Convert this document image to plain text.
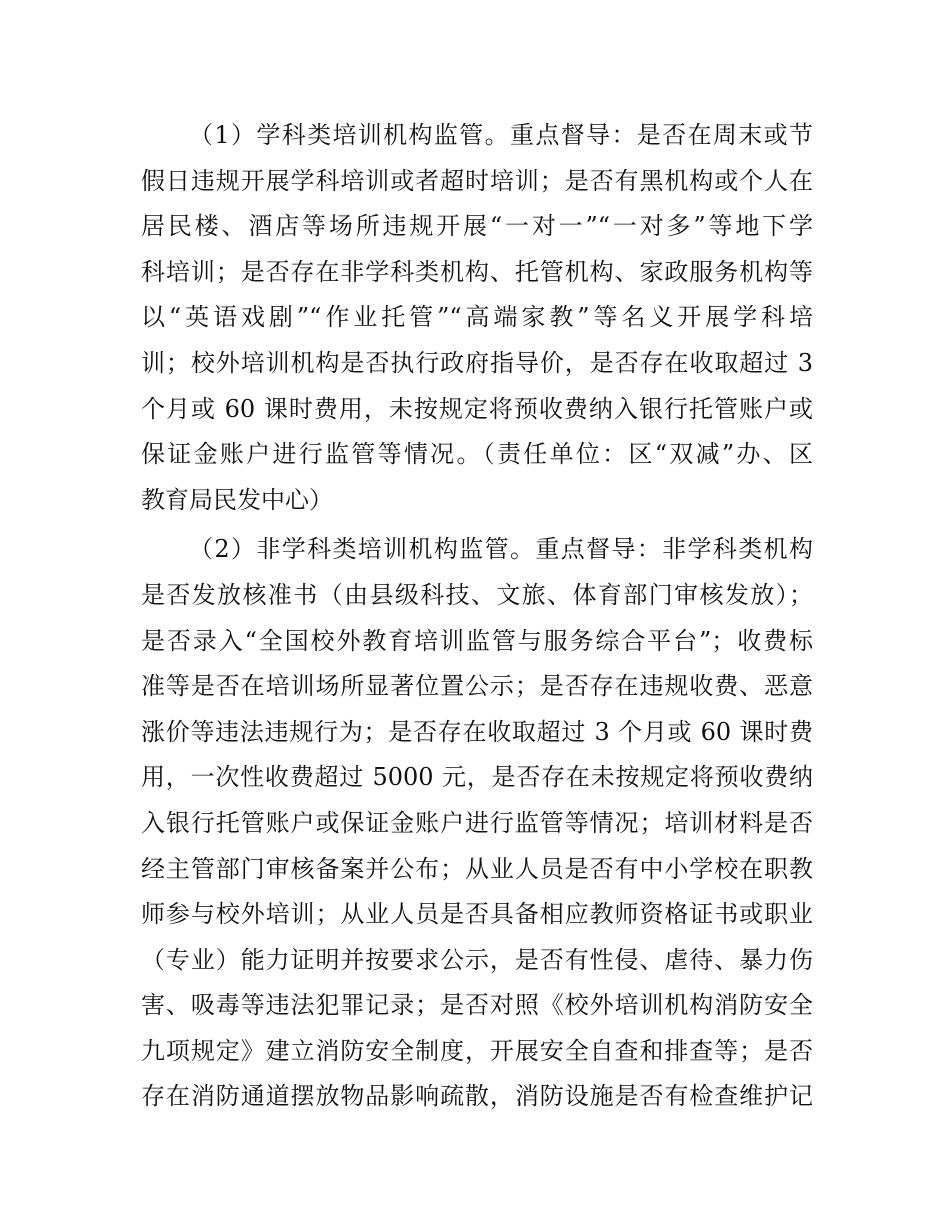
（1）学科类培训机构监管。重点督导：是否在周末或节
假日违规开展学科培训或者超时培训；是否有黑机构或个人在
居民楼、酒店等场所违规开展“一对一”“一对多”等地下学
科培训；是否存在非学科类机构、托管机构、家政服务机构等
以“英语戏剧”“作业托管”“高端家教”等名义开展学科培
训；校外培训机构是否执行政府指导价，是否存在收取超过 3
个月或 60 课时费用，未按规定将预收费纳入银行托管账户或
保证金账户进行监管等情况。（责任单位：区“双减”办、区
教育局民发中心）
（2）非学科类培训机构监管。重点督导：非学科类机构
是否发放核准书（由县级科技、文旅、体育部门审核发放）；
是否录入“全国校外教育培训监管与服务综合平台”；收费标
准等是否在培训场所显著位置公示；是否存在违规收费、恶意
涨价等违法违规行为；是否存在收取超过 3 个月或 60 课时费
用，一次性收费超过 5000 元，是否存在未按规定将预收费纳
入银行托管账户或保证金账户进行监管等情况；培训材料是否
经主管部门审核备案并公布；从业人员是否有中小学校在职教
师参与校外培训；从业人员是否具备相应教师资格证书或职业
（专业）能力证明并按要求公示，是否有性侵、虐待、暴力伤
害、吸毒等违法犯罪记录；是否对照《校外培训机构消防安全
九项规定》建立消防安全制度，开展安全自查和排查等；是否
存在消防通道摆放物品影响疏散，消防设施是否有检查维护记
